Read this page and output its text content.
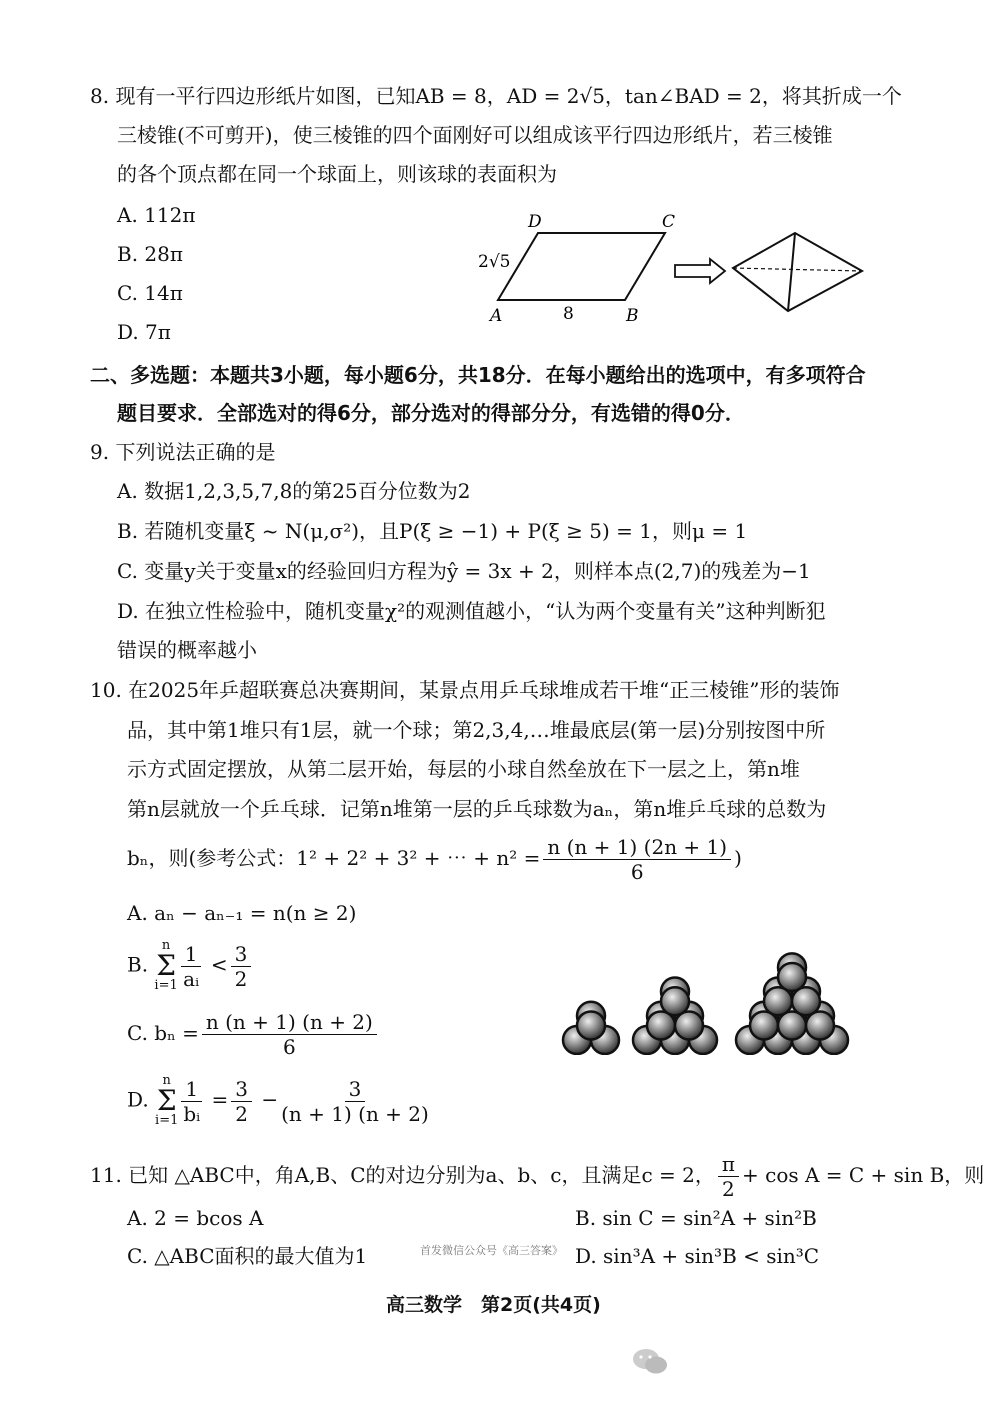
8. 现有一平行四边形纸片如图，已知AB = 8，AD = 2√5，tan∠BAD = 2，将其折成一个
三棱锥(不可剪开)，使三棱锥的四个面刚好可以组成该平行四边形纸片，若三棱锥
的各个顶点都在同一个球面上，则该球的表面积为
A. 112π
B. 28π
C. 14π
D. 7π
D	C
A	B
2√5
8
二、多选题：本题共3小题，每小题6分，共18分．在每小题给出的选项中，有多项符合
题目要求．全部选对的得6分，部分选对的得部分分，有选错的得0分．
9. 下列说法正确的是
A. 数据1,2,3,5,7,8的第25百分位数为2
B. 若随机变量ξ ~ N(μ,σ²)，且P(ξ ≥ −1) + P(ξ ≥ 5) = 1，则μ = 1
C. 变量y关于变量x的经验回归方程为ŷ = 3x + 2，则样本点(2,7)的残差为−1
D. 在独立性检验中，随机变量χ²的观测值越小，“认为两个变量有关”这种判断犯
错误的概率越小
10. 在2025年乒超联赛总决赛期间，某景点用乒乓球堆成若干堆“正三棱锥”形的装饰
品，其中第1堆只有1层，就一个球；第2,3,4,…堆最底层(第一层)分别按图中所
示方式固定摆放，从第二层开始，每层的小球自然垒放在下一层之上，第n堆
第n层就放一个乒乓球．记第n堆第一层的乒乓球数为aₙ，第n堆乒乓球的总数为
bₙ，则(参考公式：1² + 2² + 3² + ⋯ + $n^2 = \frac{n (n + 1) (2n + 1)}{6}$ )
A. aₙ − aₙ₋₁ = n(n ≥ 2)
B.
n
Σ
$i=1 \frac{1}{\text{aᵢ}} < \frac{3}{2}$
C. $b_n = \frac{n (n + 1) (n + 2)}{6}$
D.
n
Σ
$i=1 \frac{1}{\text{bᵢ}} = \frac{3}{2} - \frac{3}{(n + 1) (n + 2)}$
11. 已知 △ABC中，角A,B、C的对边分别为a、b、c，且满足c = 2， $\frac{\pi}{2} + \cos A = C + \sin B$，则
A. 2 = bcos A	B. sin C = sin²A + sin²B
C. △ABC面积的最大值为1	首发微信公众号《高三答案》 D. sin³A + sin³B < sin³C
高三数学　第2页(共4页)
